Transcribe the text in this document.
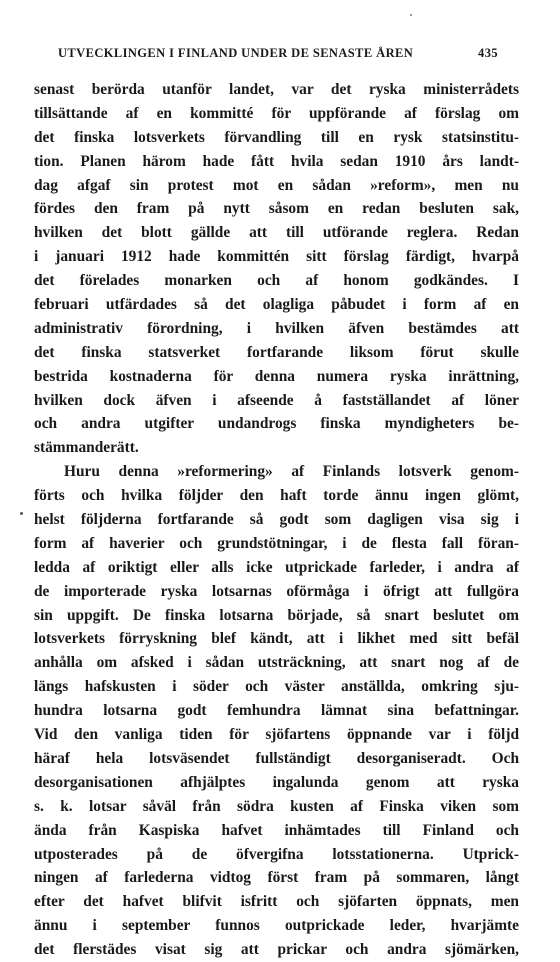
UTVECKLINGEN I FINLAND UNDER DE SENASTE ÅREN	435
senast berörda utanför landet, var det ryska ministerrådets
tillsättande af en kommitté för uppförande af förslag om
det finska lotsverkets förvandling till en rysk statsinstitu-
tion. Planen härom hade fått hvila sedan 1910 års landt-
dag afgaf sin protest mot en sådan »reform», men nu
fördes den fram på nytt såsom en redan besluten sak,
hvilken det blott gällde att till utförande reglera. Redan
i januari 1912 hade kommittén sitt förslag färdigt, hvarpå
det förelades monarken och af honom godkändes. I
februari utfärdades så det olagliga påbudet i form af en
administrativ förordning, i hvilken äfven bestämdes att
det finska statsverket fortfarande liksom förut skulle
bestrida kostnaderna för denna numera ryska inrättning,
hvilken dock äfven i afseende å fastställandet af löner
och andra utgifter undandrogs finska myndigheters be-
stämmanderätt.
Huru denna »reformering» af Finlands lotsverk genom-
förts och hvilka följder den haft torde ännu ingen glömt,
helst följderna fortfarande så godt som dagligen visa sig i
form af haverier och grundstötningar, i de flesta fall föran-
ledda af oriktigt eller alls icke utprickade farleder, i andra af
de importerade ryska lotsarnas oförmåga i öfrigt att fullgöra
sin uppgift. De finska lotsarna började, så snart beslutet om
lotsverkets förryskning blef kändt, att i likhet med sitt befäl
anhålla om afsked i sådan utsträckning, att snart nog af de
längs hafskusten i söder och väster anställda, omkring sju-
hundra lotsarna godt femhundra lämnat sina befattningar.
Vid den vanliga tiden för sjöfartens öppnande var i följd
häraf hela lotsväsendet fullständigt desorganiseradt. Och
desorganisationen afhjälptes ingalunda genom att ryska
s. k. lotsar såväl från södra kusten af Finska viken som
ända från Kaspiska hafvet inhämtades till Finland och
utposterades på de öfvergifna lotsstationerna. Utprick-
ningen af farlederna vidtog först fram på sommaren, långt
efter det hafvet blifvit isfritt och sjöfarten öppnats, men
ännu i september funnos outprickade leder, hvarjämte
det flerstädes visat sig att prickar och andra sjömärken,
